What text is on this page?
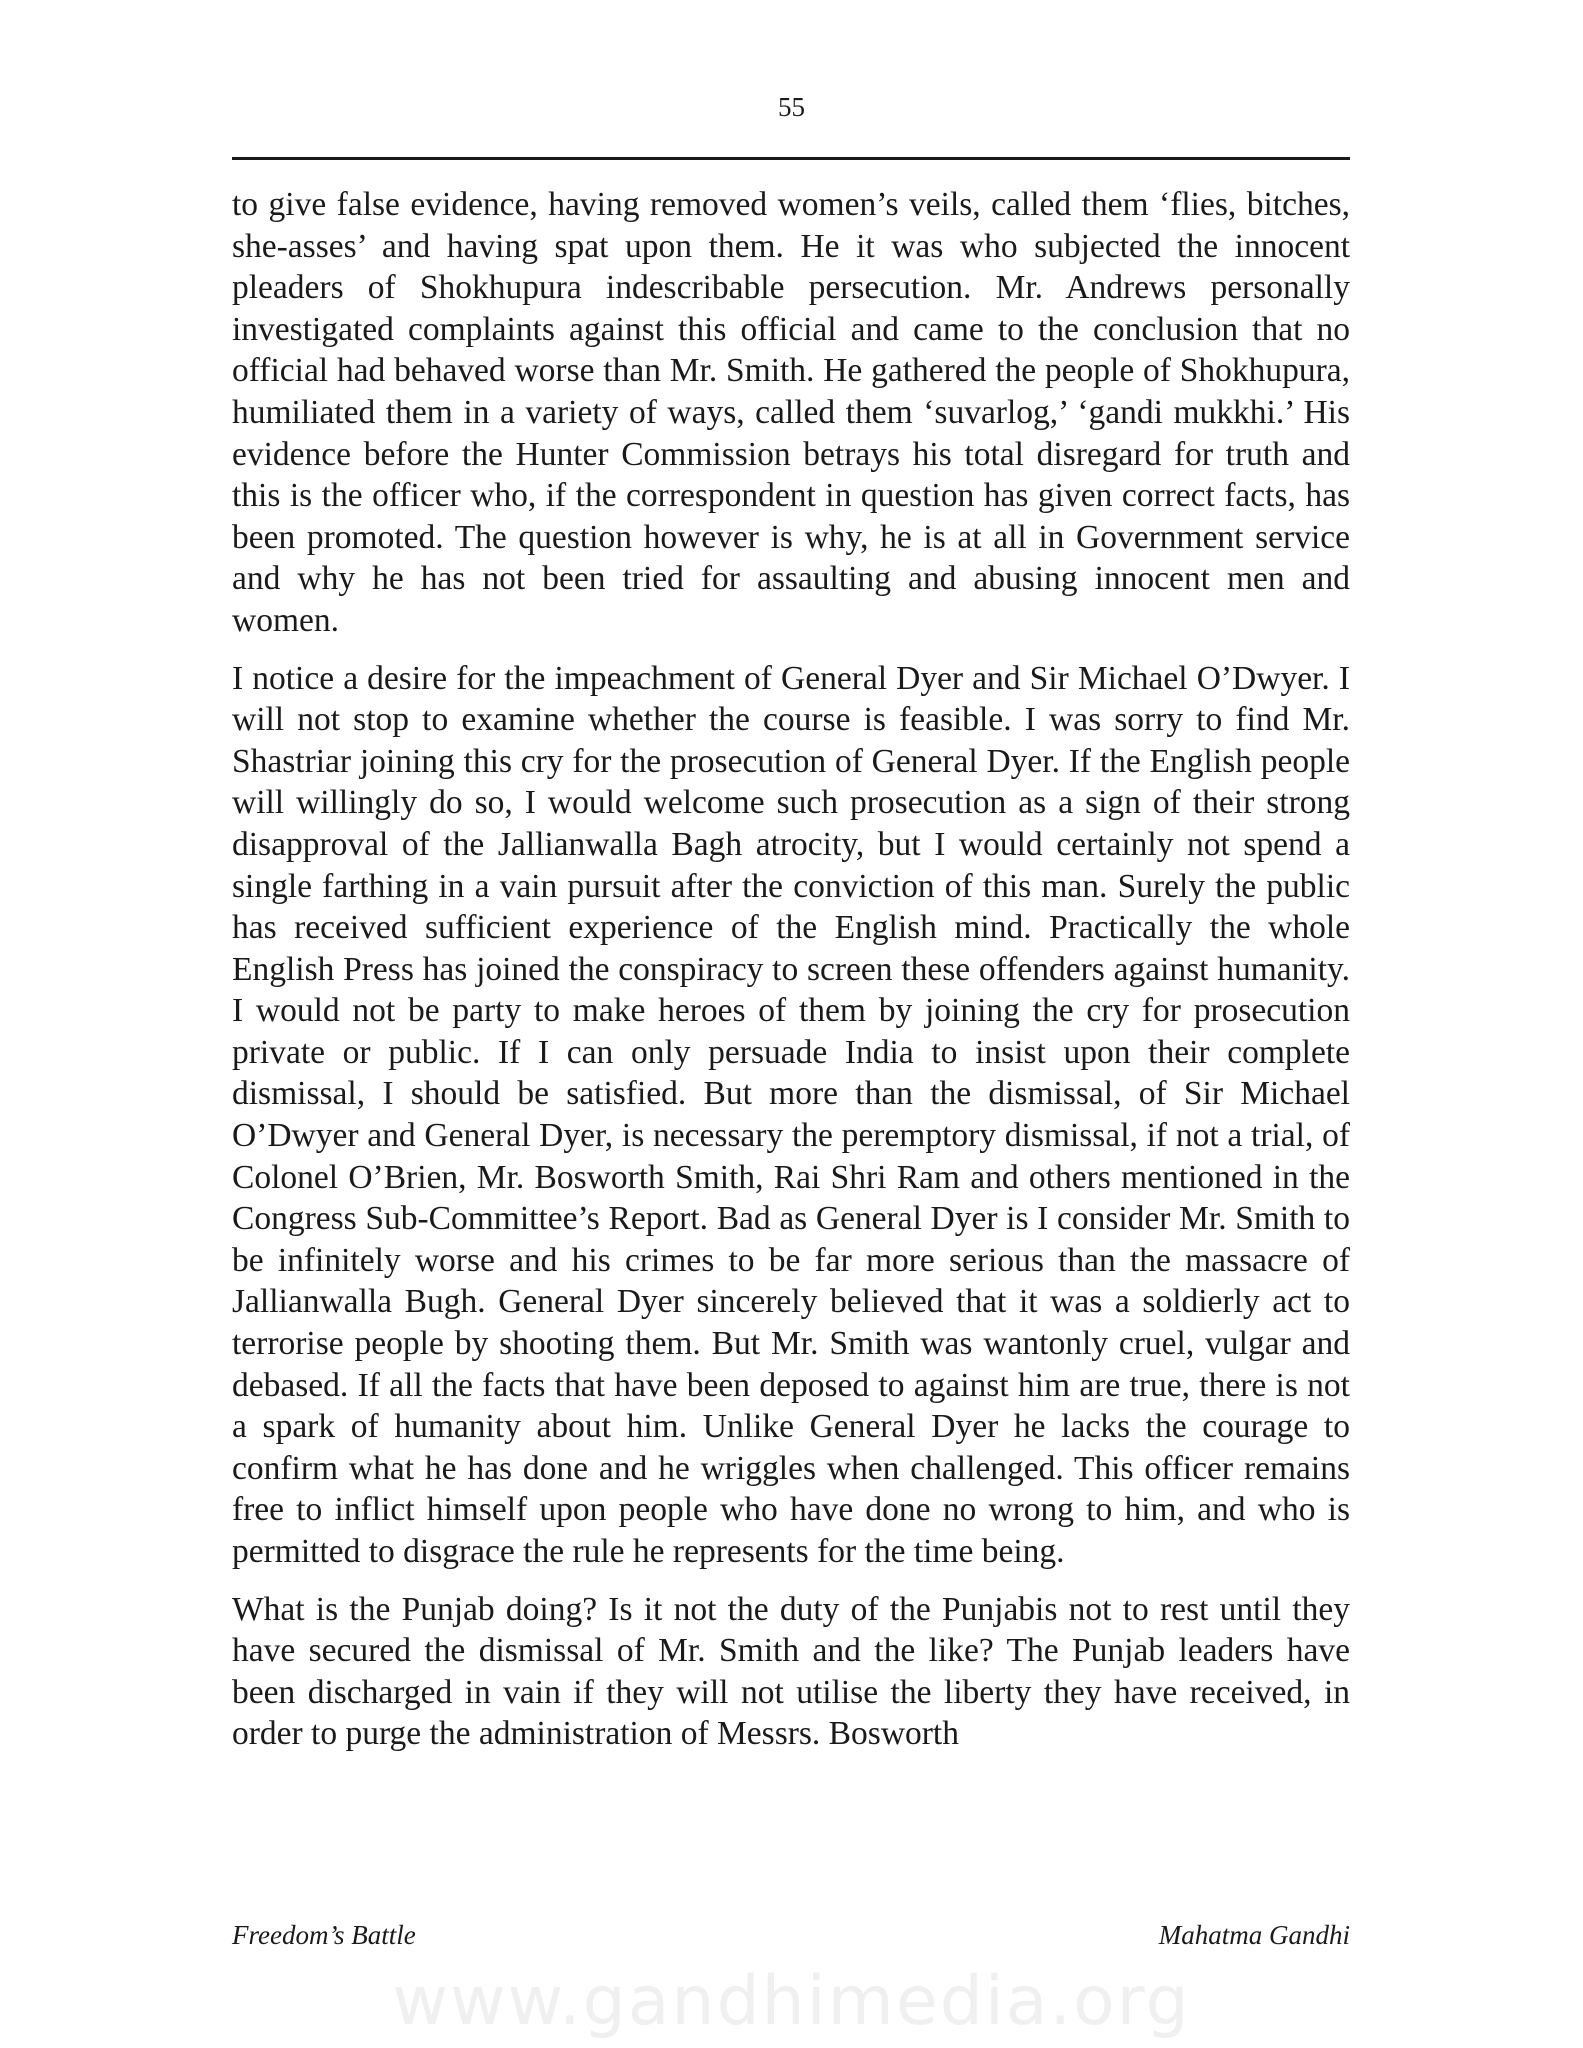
55

to give false evidence, having removed women’s veils, called them ‘flies, bitches, she-asses’ and having spat upon them. He it was who subjected the innocent pleaders of Shokhupura indescribable persecution. Mr. Andrews personally investigated complaints against this official and came to the conclusion that no official had behaved worse than Mr. Smith. He gathered the people of Shokhupura, humiliated them in a variety of ways, called them ‘suvarlog,’ ‘gandi mukkhi.’ His evidence before the Hunter Commission betrays his total disregard for truth and this is the officer who, if the correspondent in question has given correct facts, has been promoted. The question however is why, he is at all in Government service and why he has not been tried for assaulting and abusing innocent men and women.

I notice a desire for the impeachment of General Dyer and Sir Michael O’Dwyer. I will not stop to examine whether the course is feasible. I was sorry to find Mr. Shastriar joining this cry for the prosecution of General Dyer. If the English people will willingly do so, I would welcome such prosecution as a sign of their strong disapproval of the Jallianwalla Bagh atrocity, but I would certainly not spend a single farthing in a vain pursuit after the conviction of this man. Surely the public has received sufficient experience of the English mind. Practically the whole English Press has joined the conspiracy to screen these offenders against humanity. I would not be party to make heroes of them by joining the cry for prosecution private or public. If I can only persuade India to insist upon their complete dismissal, I should be satisfied. But more than the dismissal, of Sir Michael O’Dwyer and General Dyer, is necessary the peremptory dismissal, if not a trial, of Colonel O’Brien, Mr. Bosworth Smith, Rai Shri Ram and others mentioned in the Congress Sub-Committee’s Report. Bad as General Dyer is I consider Mr. Smith to be infinitely worse and his crimes to be far more serious than the massacre of Jallianwalla Bugh. General Dyer sincerely believed that it was a soldierly act to terrorise people by shooting them. But Mr. Smith was wantonly cruel, vulgar and debased. If all the facts that have been deposed to against him are true, there is not a spark of humanity about him. Unlike General Dyer he lacks the courage to confirm what he has done and he wriggles when challenged. This officer remains free to inflict himself upon people who have done no wrong to him, and who is permitted to disgrace the rule he represents for the time being.

What is the Punjab doing? Is it not the duty of the Punjabis not to rest until they have secured the dismissal of Mr. Smith and the like? The Punjab leaders have been discharged in vain if they will not utilise the liberty they have received, in order to purge the administration of Messrs. Bosworth

Freedom’s Battle	Mahatma Gandhi
www.gandhimedia.org
